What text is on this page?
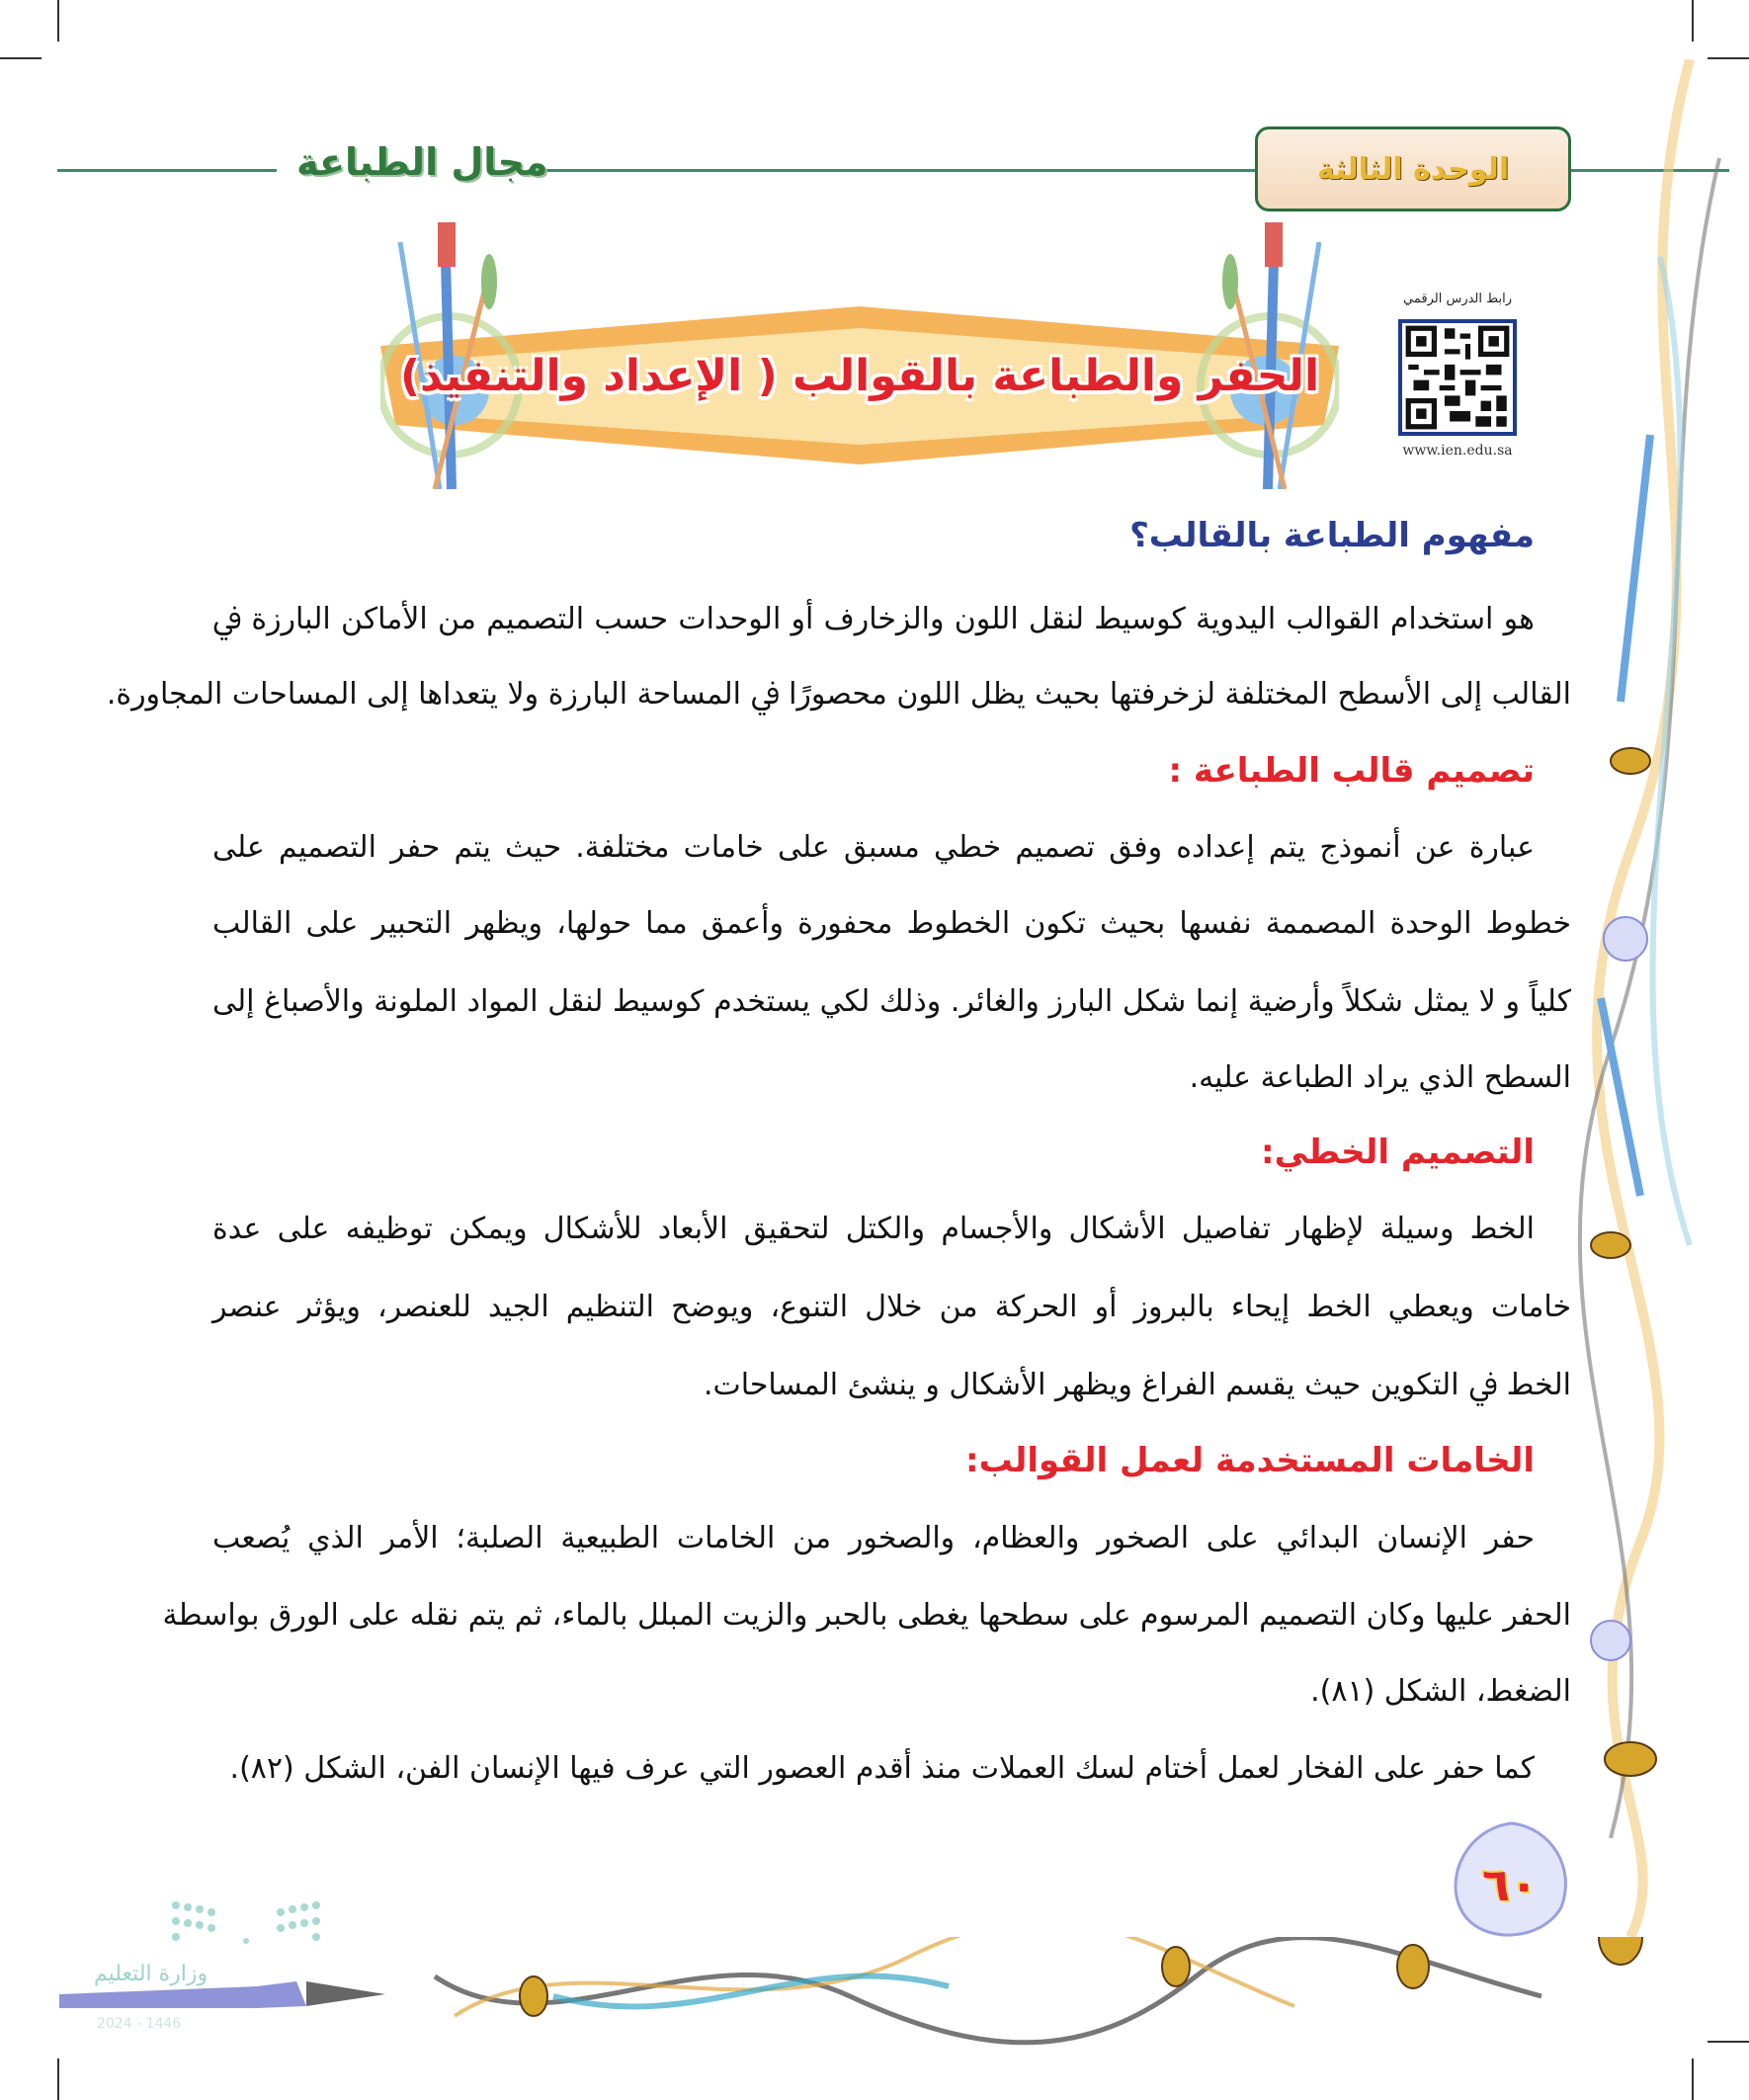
مجال الطباعة	الوحدة الثالثة
الحفر والطباعة بالقوالب ( الإعداد والتنفيذ)
رابط الدرس الرقمي
www.ien.edu.sa
مفهوم الطباعة بالقالب؟
هو استخدام القوالب اليدوية كوسيط لنقل اللون والزخارف أو الوحدات حسب التصميم من الأماكن البارزة ﰲ
القالب إلى الأسطح المختلفة لزخرفتها بحيث يظل اللون محصورًا ﰲ المساحة البارزة ولا يتعداها إلى المساحات المجاورة.
تصميم قالب الطباعة :
عبارة عن أنموذج يتم إعداده وفق تصميم خطي مسبق على خامات مختلفة. حيث يتم حفر التصميم على
خطوط الوحدة المصممة نفسها بحيث تكون الخطوط محفورة وأعمق مما حولها، ويظهر التحبير على القالب
كلياً و لا يمثل شكلاً وأرضية إنما شكل البارز والغائر. وذلك لكي يستخدم كوسيط لنقل المواد الملونة والأصباغ إلى
السطح الذي يراد الطباعة عليه.
التصميم الخطي:
الخط وسيلة لإظهار تفاصيل الأشكال والأجسام والكتل لتحقيق الأبعاد للأشكال ويمكن توظيفه على عدة
خامات ويعطي الخط إيحاء بالبروز أو الحركة من خلال التنوع، ويوضح التنظيم الجيد للعنصر، ويؤثر عنصر
الخط ﰲ التكوين حيث يقسم الفراغ ويظهر الأشكال و ينشئ المساحات.
الخامات المستخدمة لعمل القوالب:
حفر الإنسان البدائي على الصخور والعظام، والصخور من الخامات الطبيعية الصلبة؛ الأمر الذي يُصعب
الحفر عليها وكان التصميم المرسوم على سطحها يغطى بالحبر والزيت المبلل بالماء، ثم يتم نقله على الورق بواسطة
الضغط، الشكل (٨١).
كما حفر على الفخار لعمل أختام لسك العملات منذ أقدم العصور التي عرف فيها الإنسان الفن، الشكل (٨٢).
٦٠
وزارة التعليم
2024 - 1446
